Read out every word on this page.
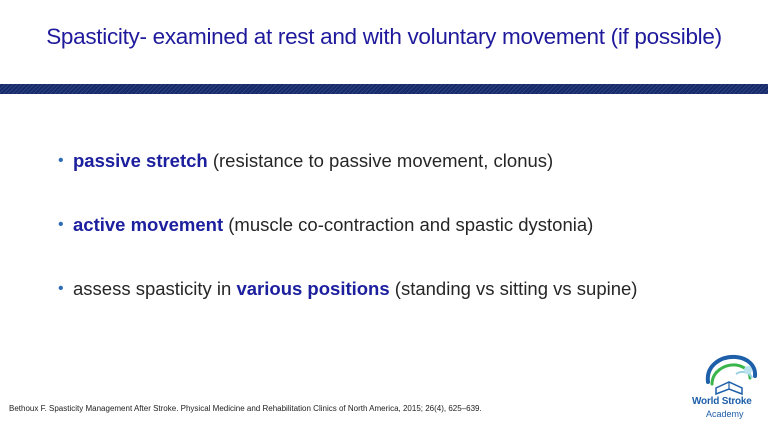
Spasticity- examined at rest and with voluntary movement (if possible)
• passive stretch (resistance to passive movement, clonus)
• active movement (muscle co-contraction and spastic dystonia)
• assess spasticity in various positions (standing vs sitting vs supine)
Bethoux F. Spasticity Management After Stroke. Physical Medicine and Rehabilitation Clinics of North America, 2015; 26(4), 625–639.
World Stroke
Academy
